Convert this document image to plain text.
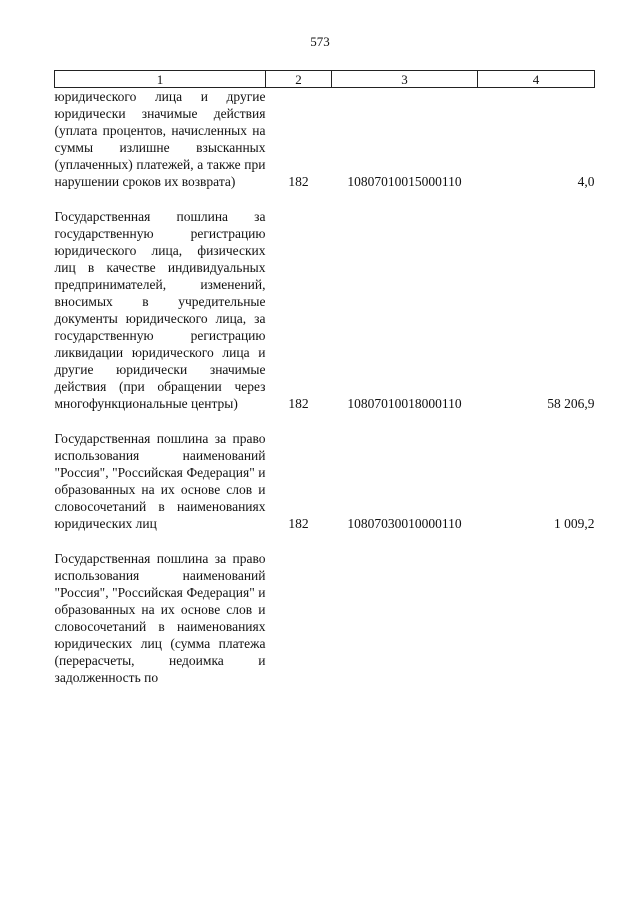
573
1	2	3	4
юридического лица и другие юридически значимые действия (уплата процентов, начисленных на суммы излишне взысканных (уплаченных) платежей, а также при нарушении сроков их возврата)	182	10807010015000110	4,0

Государственная пошлина за государственную регистрацию юридического лица, физических лиц в качестве индивидуальных предпринимателей, изменений, вносимых в учредительные документы юридического лица, за государственную регистрацию ликвидации юридического лица и другие юридически значимые действия (при обращении через многофункциональные центры)	182	10807010018000110	58 206,9

Государственная пошлина за право использования наименований "Россия", "Российская Федерация" и образованных на их основе слов и словосочетаний в наименованиях юридических лиц	182	10807030010000110	1 009,2

Государственная пошлина за право использования наименований "Россия", "Российская Федерация" и образованных на их основе слов и словосочетаний в наименованиях юридических лиц (сумма платежа (перерасчеты, недоимка и задолженность по			
